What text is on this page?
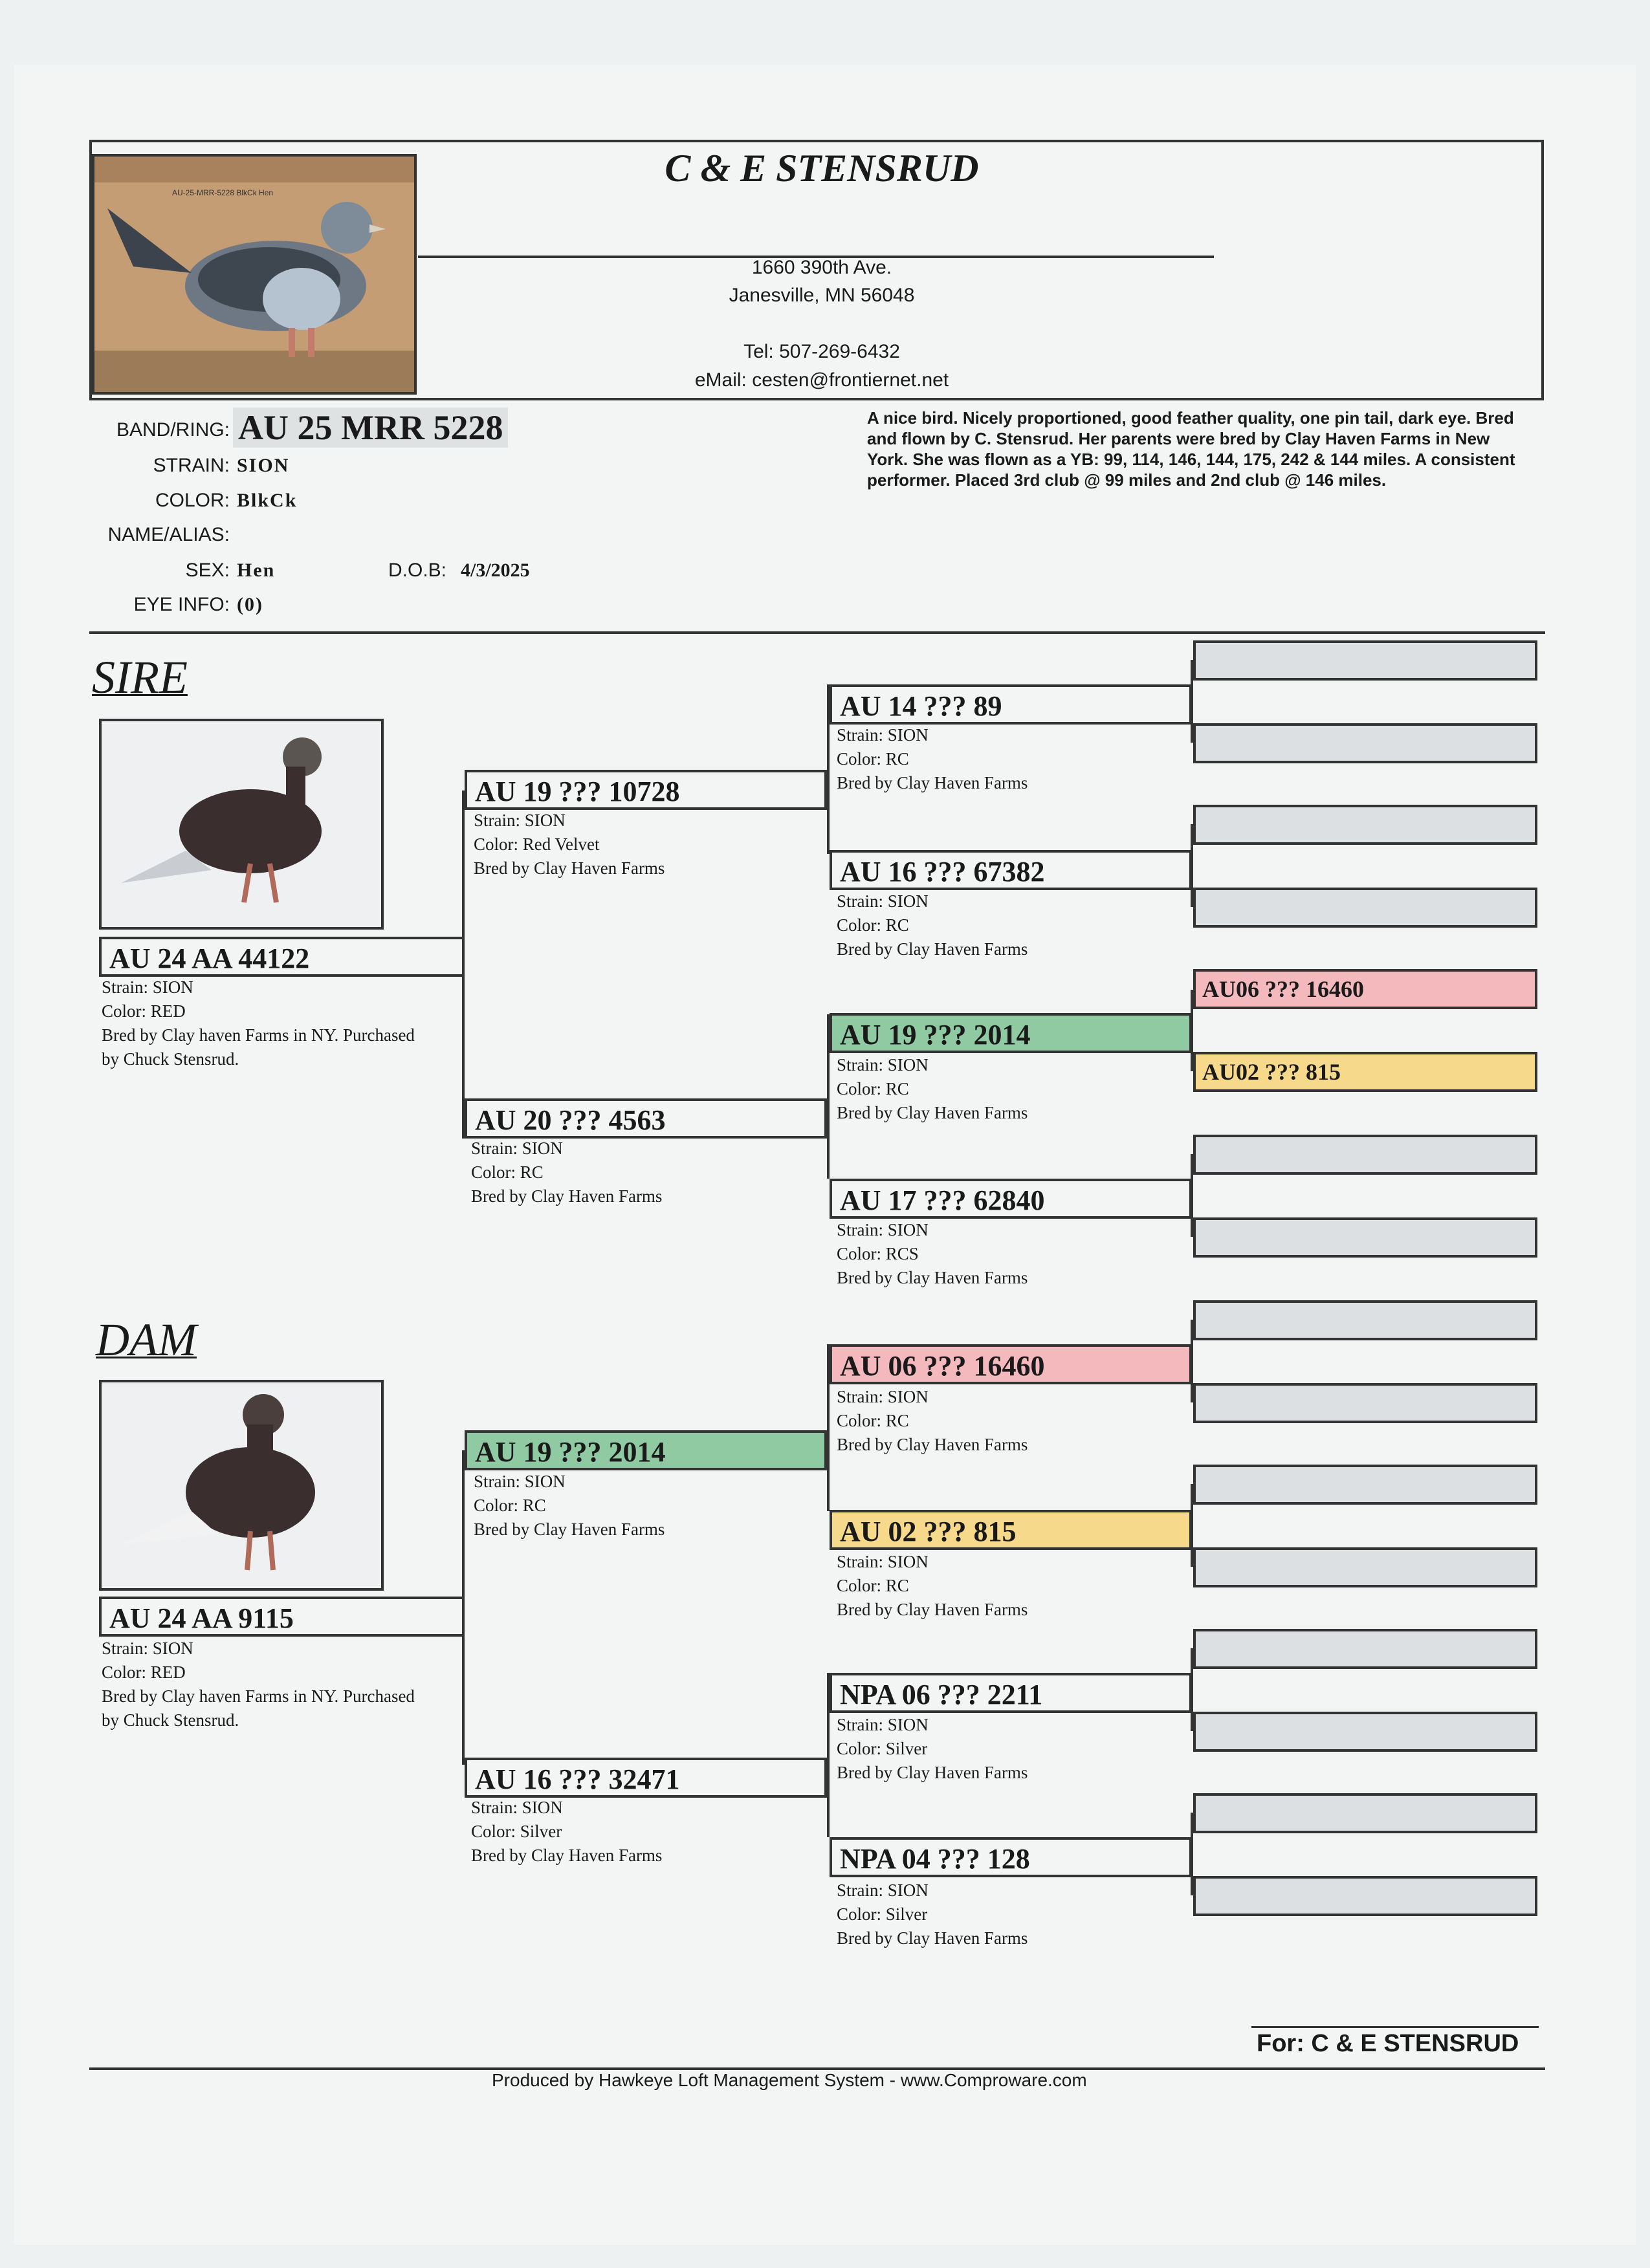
AU-25-MRR-5228 BlkCk Hen
C & E STENSRUD
1660 390th Ave.
Janesville, MN 56048
Tel: 507-269-6432
eMail: cesten@frontiernet.net
BAND/RING: AU 25 MRR 5228
STRAIN: SION
COLOR: BlkCk
NAME/ALIAS:
SEX: Hen	D.O.B: 4/3/2025
EYE INFO: (0)
A nice bird. Nicely proportioned, good feather quality, one pin tail, dark eye. Bred and flown by C. Stensrud. Her parents were bred by Clay Haven Farms in New York. She was flown as a YB: 99, 114, 146, 144, 175, 242 & 144 miles. A consistent performer. Placed 3rd club @ 99 miles and 2nd club @ 146 miles.
SIRE
AU 24 AA 44122
Strain: SION
Color: RED
Bred by Clay haven Farms in NY. Purchased
by Chuck Stensrud.
DAM
AU 24 AA 9115
Strain: SION
Color: RED
Bred by Clay haven Farms in NY. Purchased
by Chuck Stensrud.
AU 19 ??? 10728
Strain: SION
Color: Red Velvet
Bred by Clay Haven Farms
AU 20 ??? 4563
Strain: SION
Color: RC
Bred by Clay Haven Farms
AU 19 ??? 2014
Strain: SION
Color: RC
Bred by Clay Haven Farms
AU 16 ??? 32471
Strain: SION
Color: Silver
Bred by Clay Haven Farms
AU 14 ??? 89
Strain: SION
Color: RC
Bred by Clay Haven Farms
AU 16 ??? 67382
Strain: SION
Color: RC
Bred by Clay Haven Farms
AU 19 ??? 2014
Strain: SION
Color: RC
Bred by Clay Haven Farms
AU 17 ??? 62840
Strain: SION
Color: RCS
Bred by Clay Haven Farms
AU 06 ??? 16460
Strain: SION
Color: RC
Bred by Clay Haven Farms
AU 02 ??? 815
Strain: SION
Color: RC
Bred by Clay Haven Farms
NPA 06 ??? 2211
Strain: SION
Color: Silver
Bred by Clay Haven Farms
NPA 04 ??? 128
Strain: SION
Color: Silver
Bred by Clay Haven Farms
AU06 ??? 16460
AU02 ??? 815
For: C & E STENSRUD
Produced by Hawkeye Loft Management System - www.Comproware.com
